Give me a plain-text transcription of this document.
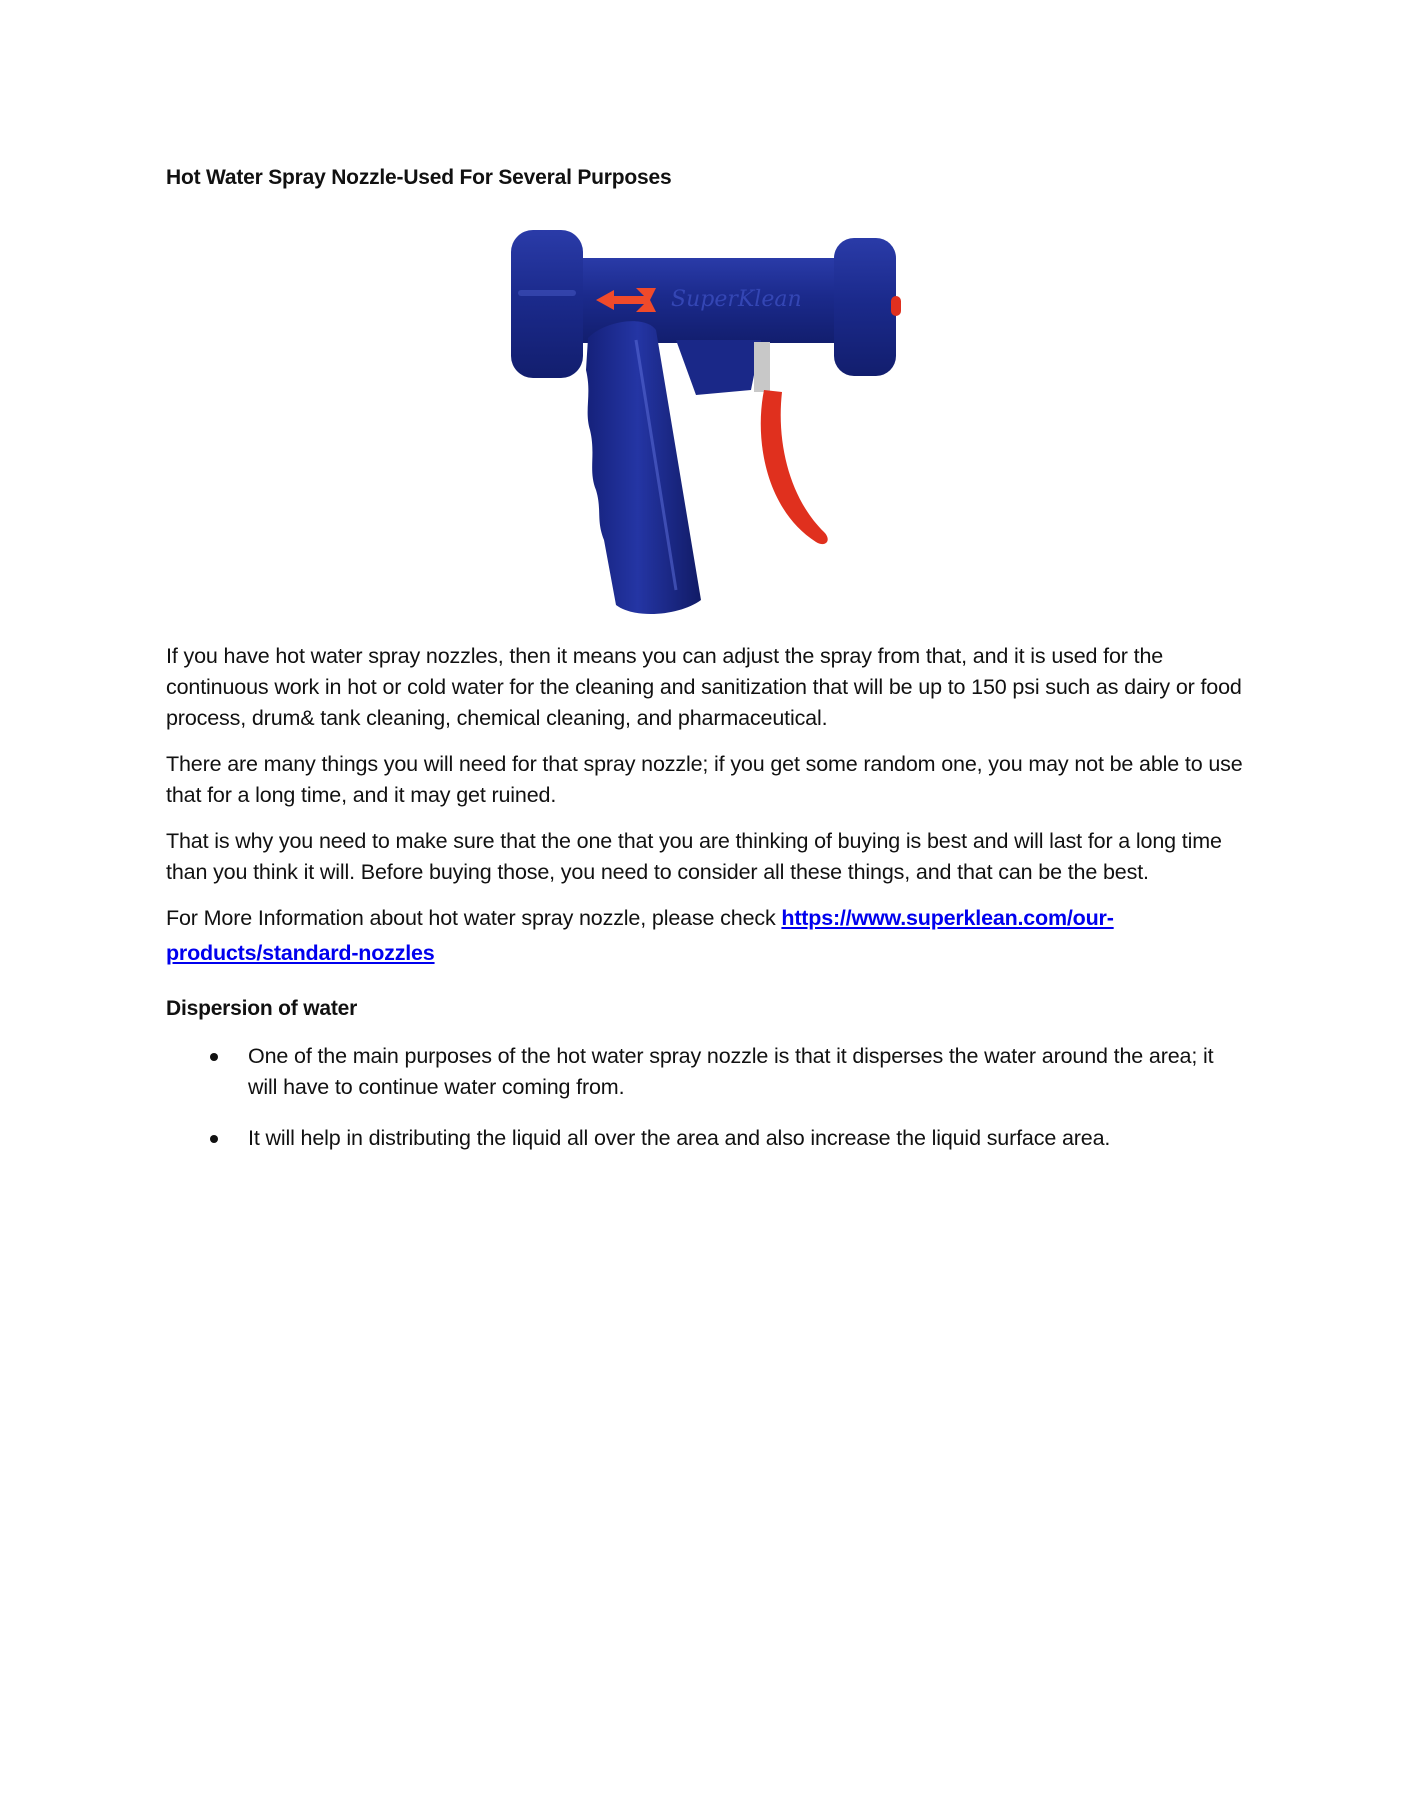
Hot Water Spray Nozzle-Used For Several Purposes
SuperKlean

If you have hot water spray nozzles, then it means you can adjust the spray from that, and it is used for the continuous work in hot or cold water for the cleaning and sanitization that will be up to 150 psi such as dairy or food process, drum& tank cleaning, chemical cleaning, and pharmaceutical.

There are many things you will need for that spray nozzle; if you get some random one, you may not be able to use that for a long time, and it may get ruined.

That is why you need to make sure that the one that you are thinking of buying is best and will last for a long time than you think it will. Before buying those, you need to consider all these things, and that can be the best.

For More Information about hot water spray nozzle, please check https://www.superklean.com/our-products/standard-nozzles

Dispersion of water
One of the main purposes of the hot water spray nozzle is that it disperses the water around the area; it will have to continue water coming from.
It will help in distributing the liquid all over the area and also increase the liquid surface area.
